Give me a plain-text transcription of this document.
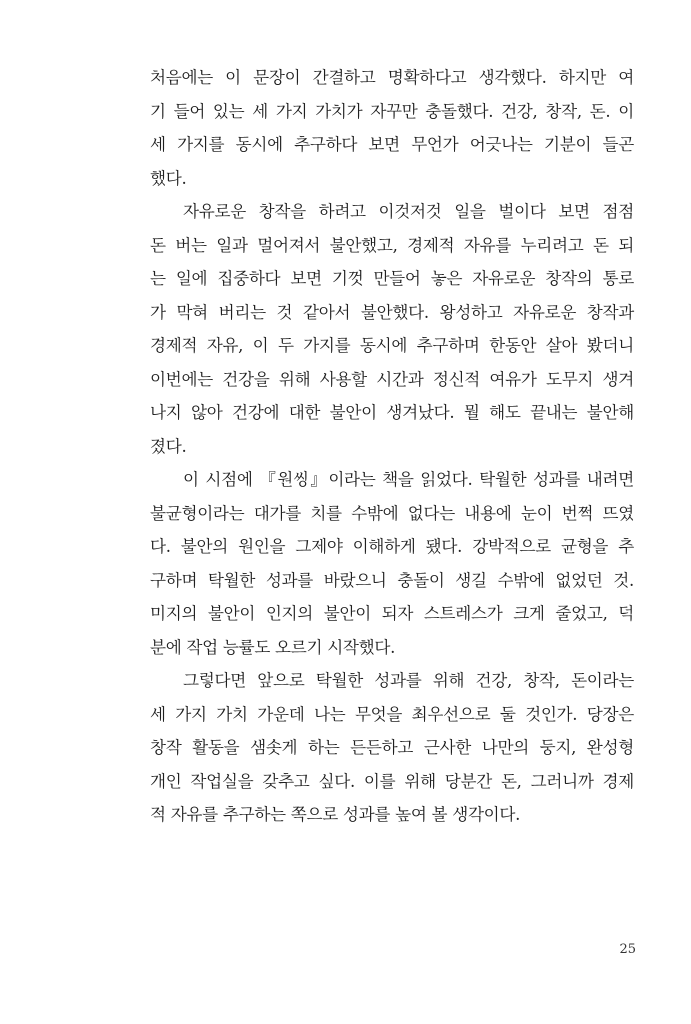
처음에는 이 문장이 간결하고 명확하다고 생각했다. 하지만 여
기 들어 있는 세 가지 가치가 자꾸만 충돌했다. 건강, 창작, 돈. 이
세 가지를 동시에 추구하다 보면 무언가 어긋나는 기분이 들곤
했다.
자유로운 창작을 하려고 이것저것 일을 벌이다 보면 점점
돈 버는 일과 멀어져서 불안했고, 경제적 자유를 누리려고 돈 되
는 일에 집중하다 보면 기껏 만들어 놓은 자유로운 창작의 통로
가 막혀 버리는 것 같아서 불안했다. 왕성하고 자유로운 창작과
경제적 자유, 이 두 가지를 동시에 추구하며 한동안 살아 봤더니
이번에는 건강을 위해 사용할 시간과 정신적 여유가 도무지 생겨
나지 않아 건강에 대한 불안이 생겨났다. 뭘 해도 끝내는 불안해
졌다.
이 시점에 『원씽』이라는 책을 읽었다. 탁월한 성과를 내려면
불균형이라는 대가를 치를 수밖에 없다는 내용에 눈이 번쩍 뜨였
다. 불안의 원인을 그제야 이해하게 됐다. 강박적으로 균형을 추
구하며 탁월한 성과를 바랐으니 충돌이 생길 수밖에 없었던 것.
미지의 불안이 인지의 불안이 되자 스트레스가 크게 줄었고, 덕
분에 작업 능률도 오르기 시작했다.
그렇다면 앞으로 탁월한 성과를 위해 건강, 창작, 돈이라는
세 가지 가치 가운데 나는 무엇을 최우선으로 둘 것인가. 당장은
창작 활동을 샘솟게 하는 든든하고 근사한 나만의 둥지, 완성형
개인 작업실을 갖추고 싶다. 이를 위해 당분간 돈, 그러니까 경제
적 자유를 추구하는 쪽으로 성과를 높여 볼 생각이다.
25
